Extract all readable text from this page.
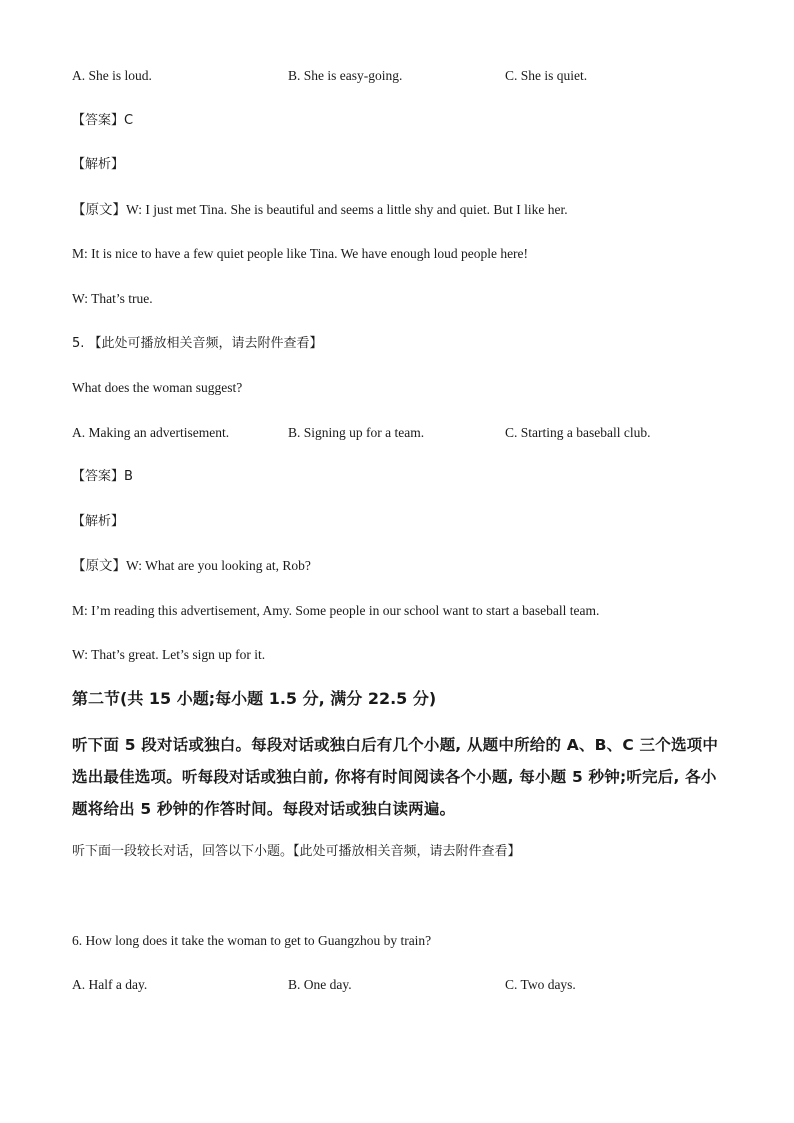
A. She is loud.	B. She is easy-going.	C. She is quiet.
【答案】C
【解析】
【原文】W: I just met Tina. She is beautiful and seems a little shy and quiet. But I like her.
M: It is nice to have a few quiet people like Tina. We have enough loud people here!
W: That’s true.
5. 【此处可播放相关音频，请去附件查看】
What does the woman suggest?
A. Making an advertisement.	B. Signing up for a team.	C. Starting a baseball club.
【答案】B
【解析】
【原文】W: What are you looking at, Rob?
M: I’m reading this advertisement, Amy. Some people in our school want to start a baseball team.
W: That’s great. Let’s sign up for it.
第二节(共 15 小题;每小题 1.5 分, 满分 22.5 分)
听下面 5 段对话或独白。每段对话或独白后有几个小题, 从题中所给的 A、B、C 三个选项中选出最佳选项。听每段对话或独白前, 你将有时间阅读各个小题, 每小题 5 秒钟;听完后, 各小题将给出 5 秒钟的作答时间。每段对话或独白读两遍。
听下面一段较长对话，回答以下小题。【此处可播放相关音频，请去附件查看】
6. How long does it take the woman to get to Guangzhou by train?
A. Half a day.	B. One day.	C. Two days.
